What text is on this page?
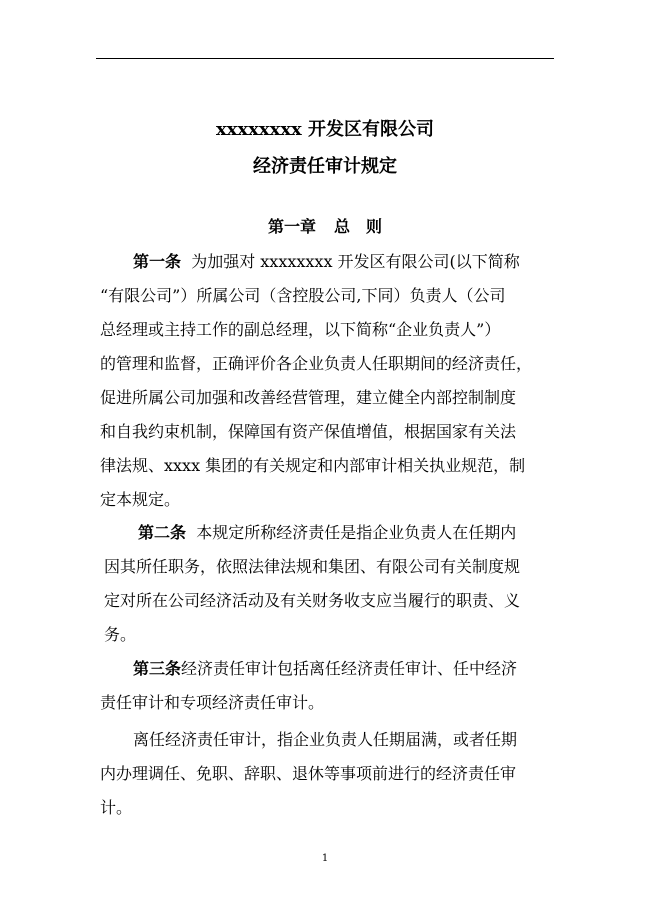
xxxxxxxx 开发区有限公司
经济责任审计规定
第一章 总　则
第一条 为加强对 xxxxxxxx 开发区有限公司(以下简称
“有限公司”）所属公司（含控股公司,下同）负责人（公司
总经理或主持工作的副总经理，以下简称“企业负责人”）
的管理和监督，正确评价各企业负责人任职期间的经济责任，
促进所属公司加强和改善经营管理，建立健全内部控制制度
和自我约束机制，保障国有资产保值增值，根据国家有关法
律法规、xxxx 集团的有关规定和内部审计相关执业规范，制
定本规定。
第二条 本规定所称经济责任是指企业负责人在任期内
因其所任职务，依照法律法规和集团、有限公司有关制度规
定对所在公司经济活动及有关财务收支应当履行的职责、义
务。
第三条经济责任审计包括离任经济责任审计、任中经济
责任审计和专项经济责任审计。
离任经济责任审计，指企业负责人任期届满，或者任期
内办理调任、免职、辞职、退休等事项前进行的经济责任审
计。
1
